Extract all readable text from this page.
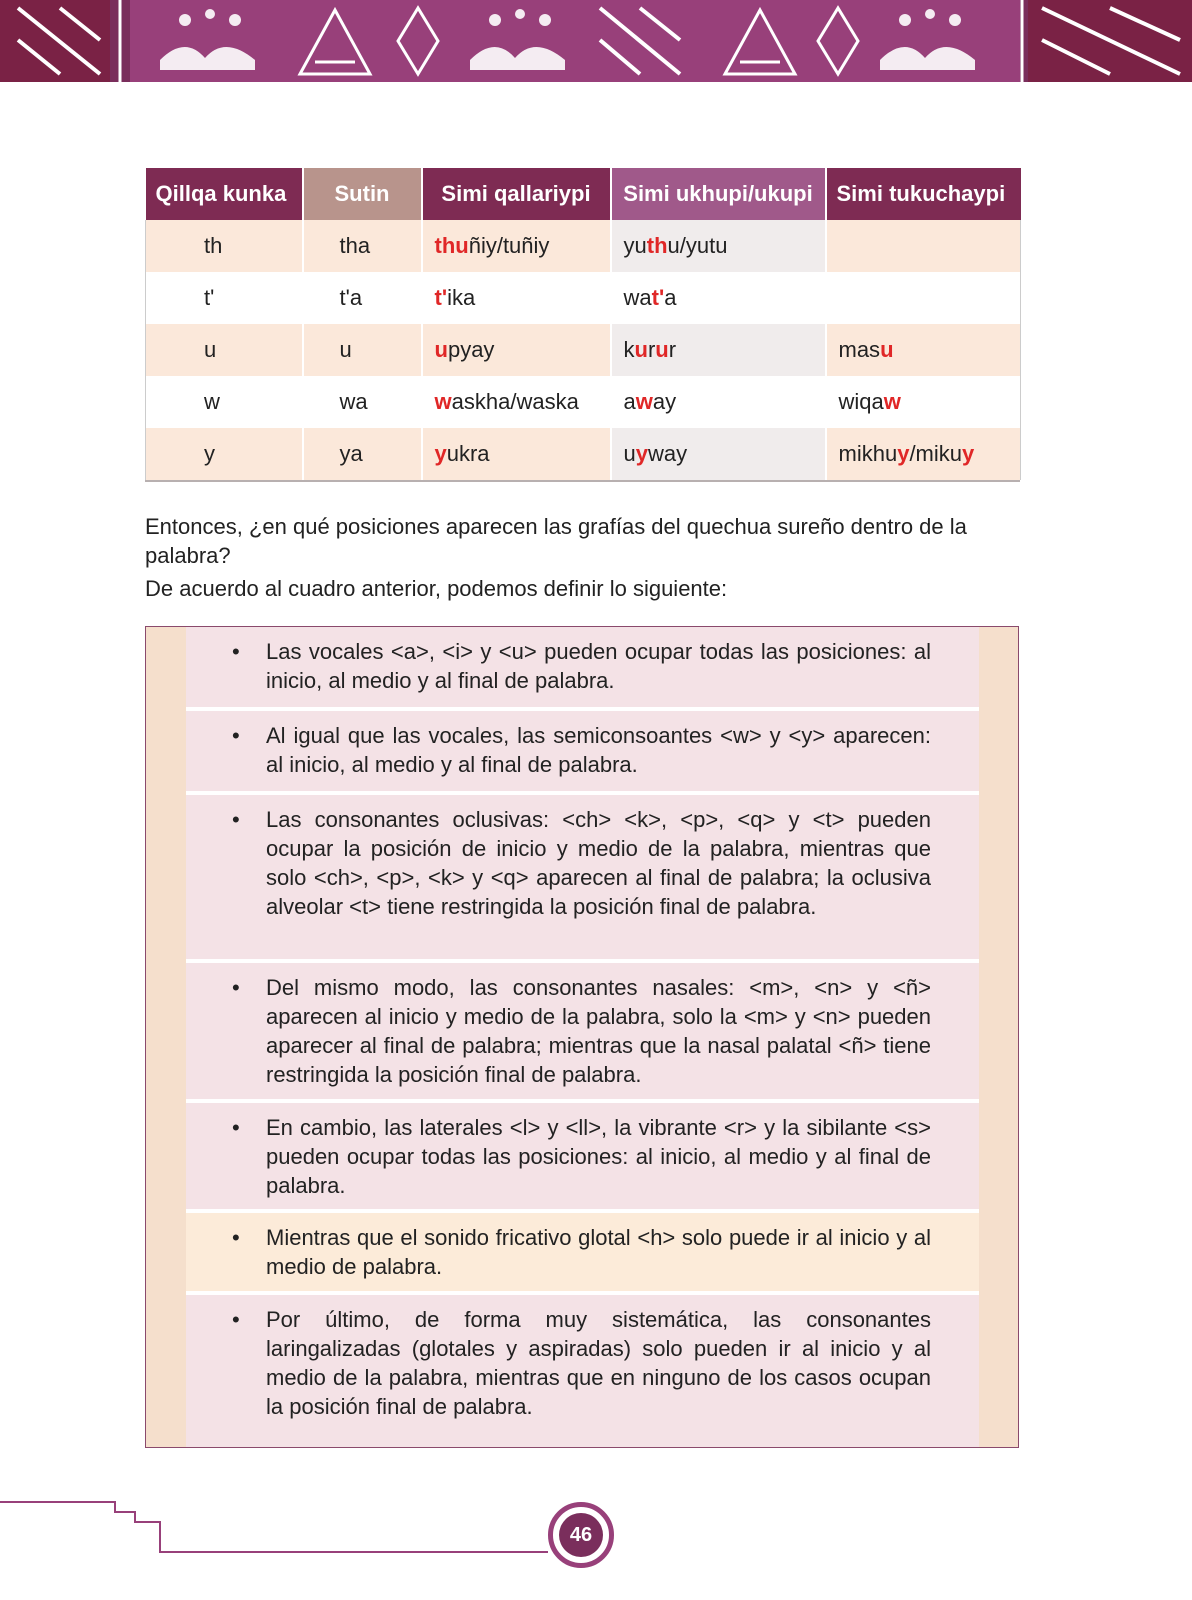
Qillqa kunka	Sutin	Simi qallariypi	Simi ukhupi/ukupi	Simi tukuchaypi
th	tha	thuñiy/tuñiy	yuthu/yutu	
t'	t'a	t'ika	wat'a	
u	u	upyay	kurur	masu
w	wa	waskha/waska	away	wiqaw
y	ya	yukra	uyway	mikhuy/mikuy
Entonces, ¿en qué posiciones aparecen las grafías del quechua sureño dentro de la palabra?
De acuerdo al cuadro anterior, podemos definir lo siguiente:
• Las vocales <a>, <i> y <u> pueden ocupar todas las posiciones: al inicio, al medio y al final de palabra.
• Al igual que las vocales, las semiconsoantes <w> y <y> aparecen: al inicio, al medio y al final de palabra.
• Las consonantes oclusivas: <ch> <k>, <p>, <q> y <t> pueden ocupar la posición de inicio y medio de la palabra, mientras que solo <ch>, <p>, <k> y <q> aparecen al final de palabra; la oclusiva alveolar <t> tiene restringida la posición final de palabra.
• Del mismo modo, las consonantes nasales: <m>, <n> y <ñ> aparecen al inicio y medio de la palabra, solo la <m> y <n> pueden aparecer al final de palabra; mientras que la nasal palatal <ñ> tiene restringida la posición final de palabra.
• En cambio, las laterales <l> y <ll>, la vibrante <r> y la sibilante <s> pueden ocupar todas las posiciones: al inicio, al medio y al final de palabra.
• Mientras que el sonido fricativo glotal <h> solo puede ir al inicio y al medio de palabra.
• Por último, de forma muy sistemática, las consonantes laringalizadas (glotales y aspiradas) solo pueden ir al inicio y al medio de la palabra, mientras que en ninguno de los casos ocupan la posición final de palabra.
46
